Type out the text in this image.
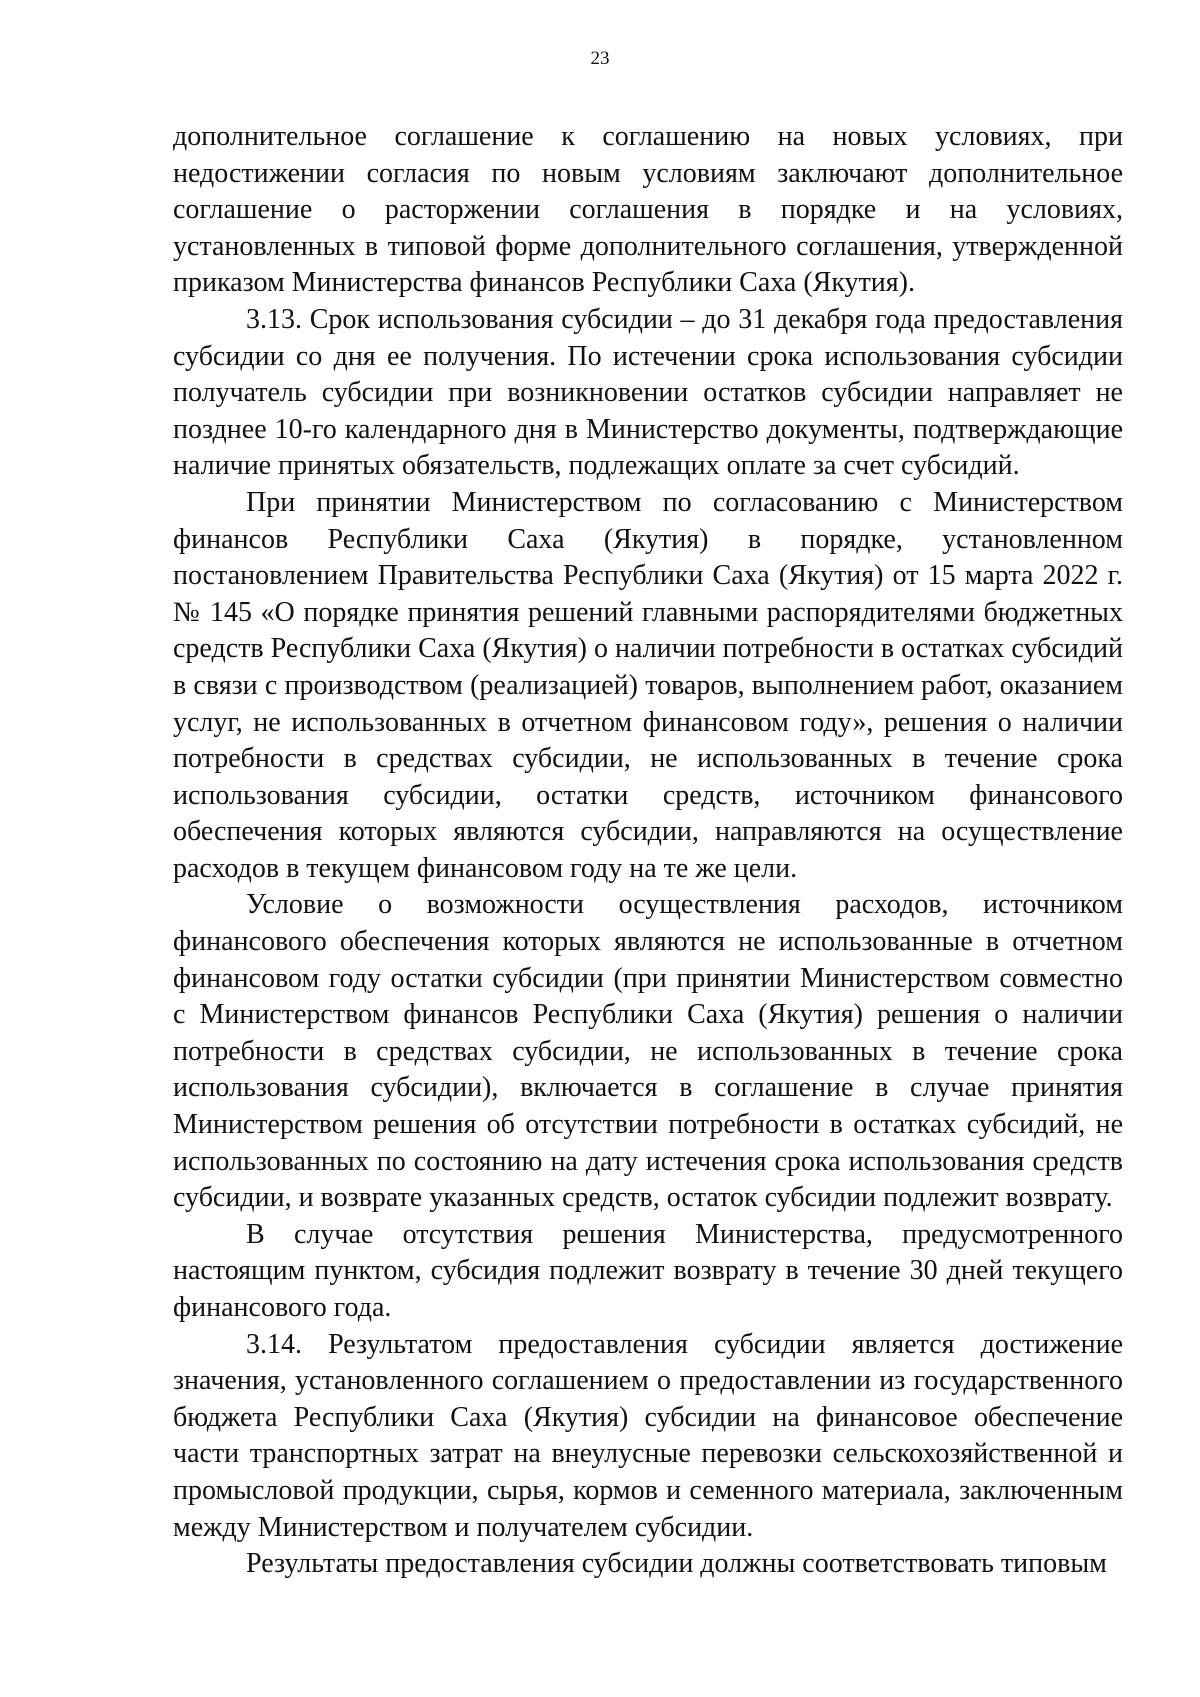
23

дополнительное соглашение к соглашению на новых условиях, при недостижении согласия по новым условиям заключают дополнительное соглашение о расторжении соглашения в порядке и на условиях, установленных в типовой форме дополнительного соглашения, утвержденной приказом Министерства финансов Республики Саха (Якутия).

3.13. Срок использования субсидии – до 31 декабря года предоставления субсидии со дня ее получения. По истечении срока использования субсидии получатель субсидии при возникновении остатков субсидии направляет не позднее 10-го календарного дня в Министерство документы, подтверждающие наличие принятых обязательств, подлежащих оплате за счет субсидий.

При принятии Министерством по согласованию с Министерством финансов Республики Саха (Якутия) в порядке, установленном постановлением Правительства Республики Саха (Якутия) от 15 марта 2022 г. № 145 «О порядке принятия решений главными распорядителями бюджетных средств Республики Саха (Якутия) о наличии потребности в остатках субсидий в связи с производством (реализацией) товаров, выполнением работ, оказанием услуг, не использованных в отчетном финансовом году», решения о наличии потребности в средствах субсидии, не использованных в течение срока использования субсидии, остатки средств, источником финансового обеспечения которых являются субсидии, направляются на осуществление расходов в текущем финансовом году на те же цели.

Условие о возможности осуществления расходов, источником финансового обеспечения которых являются не использованные в отчетном финансовом году остатки субсидии (при принятии Министерством совместно с Министерством финансов Республики Саха (Якутия) решения о наличии потребности в средствах субсидии, не использованных в течение срока использования субсидии), включается в соглашение в случае принятия Министерством решения об отсутствии потребности в остатках субсидий, не использованных по состоянию на дату истечения срока использования средств субсидии, и возврате указанных средств, остаток субсидии подлежит возврату.

В случае отсутствия решения Министерства, предусмотренного настоящим пунктом, субсидия подлежит возврату в течение 30 дней текущего финансового года.

3.14. Результатом предоставления субсидии является достижение значения, установленного соглашением о предоставлении из государственного бюджета Республики Саха (Якутия) субсидии на финансовое обеспечение части транспортных затрат на внеулусные перевозки сельскохозяйственной и промысловой продукции, сырья, кормов и семенного материала, заключенным между Министерством и получателем субсидии.

Результаты предоставления субсидии должны соответствовать типовым
